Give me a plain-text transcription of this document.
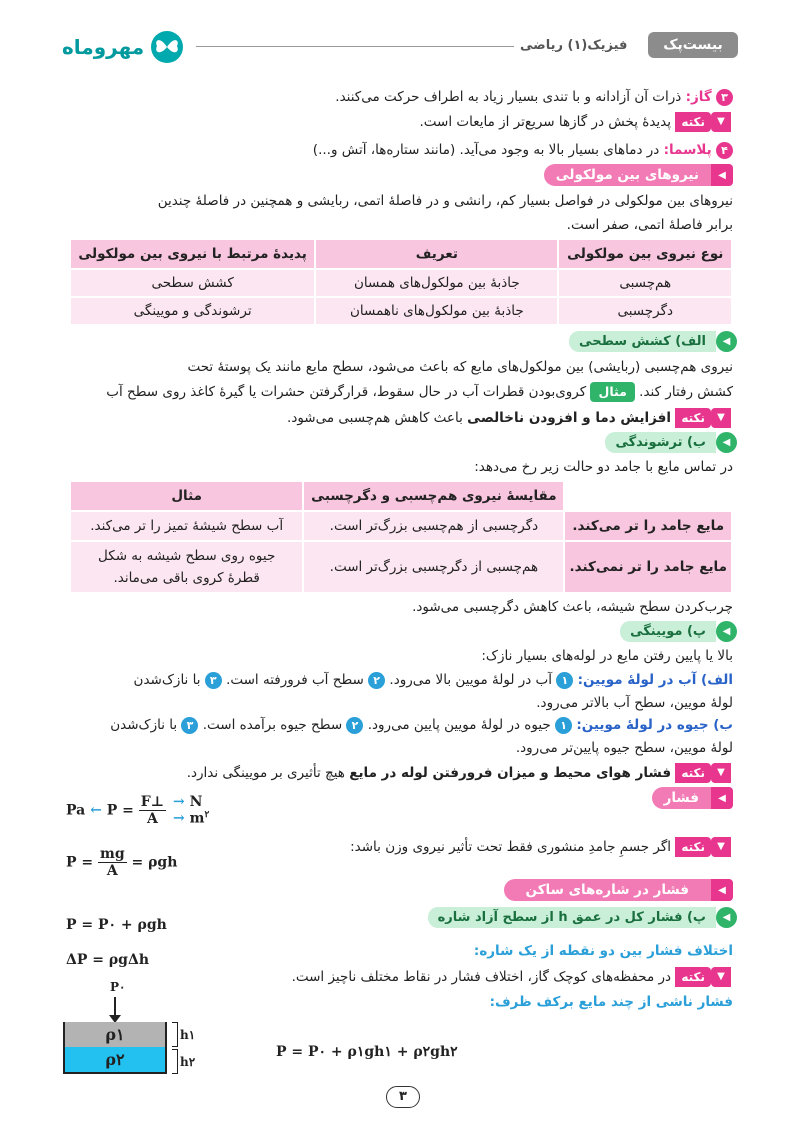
مهروماه	فیزیک(۱) ریاضی	بیست‌پک
۳ گاز: ذرات آن آزادانه و با تندی بسیار زیاد به اطراف حرکت می‌کنند.
▼
نکته
پدیدهٔ پخش در گازها سریع‌تر از مایعات است.
۴ پلاسما: در دماهای بسیار بالا به وجود می‌آید. (مانند ستاره‌ها، آتش و...)
◀
نیروهای بین مولکولی
نیروهای بین مولکولی در فواصل بسیار کم، رانشی و در فاصلهٔ اتمی، ربایشی و همچنین در فاصلهٔ چندین
برابر فاصلهٔ اتمی، صفر است.
نوع نیروی بین مولکولی	تعریف	پدیدهٔ مرتبط با نیروی بین مولکولی
هم‌چسبی	جاذبهٔ بین مولکول‌های همسان	کشش سطحی
دگرچسبی	جاذبهٔ بین مولکول‌های ناهمسان	ترشوندگی و مویینگی
◀
الف) کشش سطحی
نیروی هم‌چسبی (ربایشی) بین مولکول‌های مایع که باعث می‌شود، سطح مایع مانند یک پوستهٔ تحت
کشش رفتار کند. مثال کروی‌بودن قطرات آب در حال سقوط، قرارگرفتن حشرات یا گیرهٔ کاغذ روی سطح آب
▼
نکته
افزایش دما و افزودن ناخالصی باعث کاهش هم‌چسبی می‌شود.
◀
ب) ترشوندگی
در تماس مایع با جامد دو حالت زیر رخ می‌دهد:
	مقایسهٔ نیروی هم‌چسبی و دگرچسبی	مثال
مایع جامد را تر می‌کند.	دگرچسبی از هم‌چسبی بزرگ‌تر است.	آب سطح شیشهٔ تمیز را تر می‌کند.
مایع جامد را تر نمی‌کند.	هم‌چسبی از دگرچسبی بزرگ‌تر است.	جیوه روی سطح شیشه به شکل قطرهٔ کروی باقی می‌ماند.
چرب‌کردن سطح شیشه، باعث کاهش دگرچسبی می‌شود.
◀
پ) مویینگی
بالا یا پایین رفتن مایع در لوله‌های بسیار نازک:
الف) آب در لولهٔ مویین: ۱ آب در لولهٔ مویین بالا می‌رود. ۲ سطح آب فرورفته است. ۳ با نازک‌شدن
لولهٔ مویین، سطح آب بالاتر می‌رود.
ب) جیوه در لولهٔ مویین: ۱ جیوه در لولهٔ مویین پایین می‌رود. ۲ سطح جیوه برآمده است. ۳ با نازک‌شدن
لولهٔ مویین، سطح جیوه پایین‌تر می‌رود.
▼
نکته
فشار هوای محیط و میزان فرورفتن لوله در مایع هیچ تأثیری بر مویینگی ندارد.
◀
فشار
Pa ← $P = \frac{F\perp}{A}$
→ N
→ $m^۲$
▼
نکته
اگر جسمِ جامدِ منشوری فقط تحت تأثیر نیروی وزن باشد:
$P = \frac{mg}{A} = \rho gh$
◀
فشار در شاره‌های ساکن
◀
پ) فشار کل در عمق h از سطح آزاد شاره
P = P۰ + ρgh
اختلاف فشار بین دو نقطه از یک شاره:
ΔP = ρgΔh
▼
نکته
در محفظه‌های کوچک گاز، اختلاف فشار در نقاط مختلف ناچیز است.
فشار ناشی از چند مایع برکف ظرف:
P۰
ρ۱
ρ۲
h۱
h۲
P = P۰ + ρ۱gh۱ + ρ۲gh۲
۳
